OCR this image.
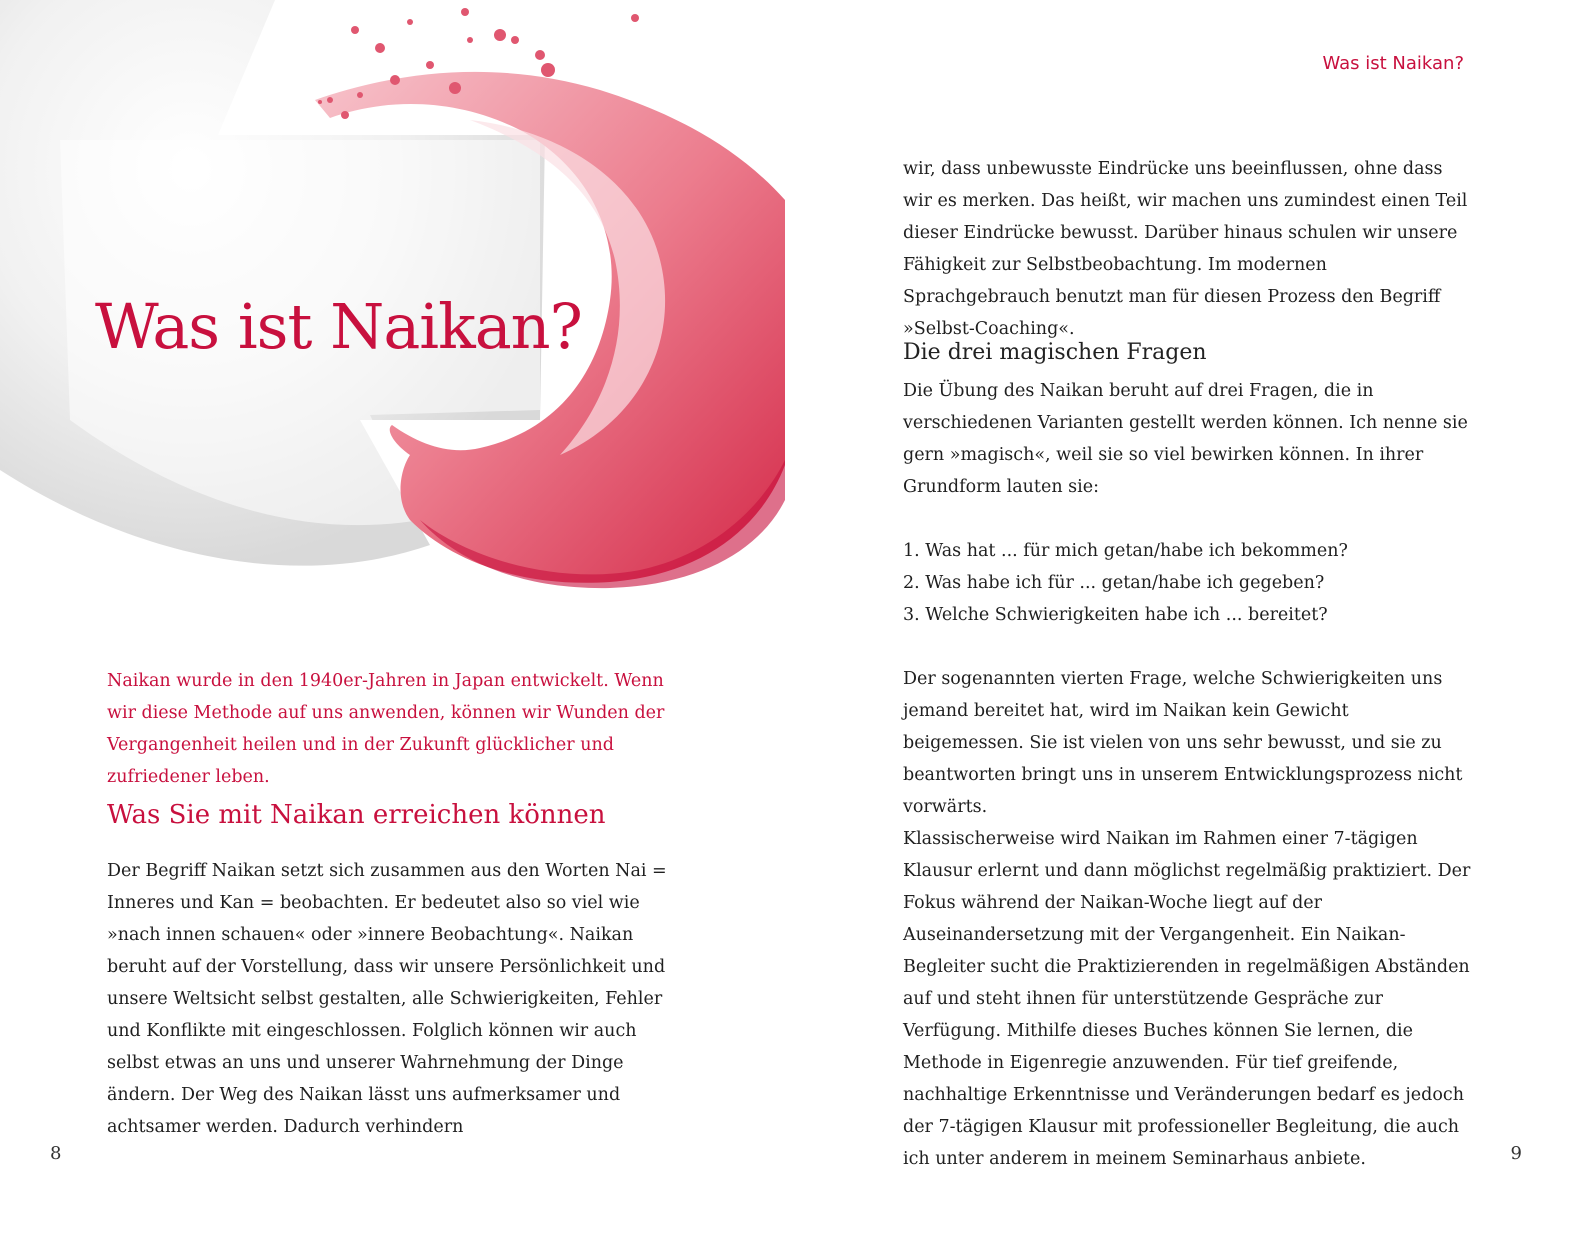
Was ist Naikan?
Was ist Naikan?

Naikan wurde in den 1940er-Jahren in Japan entwickelt. Wenn wir diese Methode auf uns anwenden, können wir Wunden der Vergangenheit heilen und in der Zukunft glücklicher und zufriedener leben.

Was Sie mit Naikan erreichen können

Der Begriff Naikan setzt sich zusammen aus den Worten Nai = Inneres und Kan = beobachten. Er bedeutet also so viel wie »nach innen schauen« oder »innere Beobachtung«. Naikan beruht auf der Vorstellung, dass wir unsere Persönlichkeit und unsere Weltsicht selbst gestalten, alle Schwierigkeiten, Fehler und Konflikte mit eingeschlossen. Folglich können wir auch selbst etwas an uns und unserer Wahrnehmung der Dinge ändern. Der Weg des Naikan lässt uns aufmerksamer und achtsamer werden. Dadurch verhindern

wir, dass unbewusste Eindrücke uns beeinflussen, ohne dass wir es merken. Das heißt, wir machen uns zumindest einen Teil dieser Eindrücke bewusst. Darüber hinaus schulen wir unsere Fähigkeit zur Selbstbeobachtung. Im modernen Sprachgebrauch benutzt man für diesen Prozess den Begriff »Selbst-Coaching«.

Die drei magischen Fragen

Die Übung des Naikan beruht auf drei Fragen, die in verschiedenen Varianten gestellt werden können. Ich nenne sie gern »magisch«, weil sie so viel bewirken können. In ihrer Grundform lauten sie:

1. Was hat ... für mich getan/habe ich bekommen?
2. Was habe ich für ... getan/habe ich gegeben?
3. Welche Schwierigkeiten habe ich ... bereitet?

Der sogenannten vierten Frage, welche Schwierigkeiten uns jemand bereitet hat, wird im Naikan kein Gewicht beigemessen. Sie ist vielen von uns sehr bewusst, und sie zu beantworten bringt uns in unserem Entwicklungsprozess nicht vorwärts.

Klassischerweise wird Naikan im Rahmen einer 7-tägigen Klausur erlernt und dann möglichst regelmäßig praktiziert. Der Fokus während der Naikan-Woche liegt auf der Auseinandersetzung mit der Vergangenheit. Ein Naikan-Begleiter sucht die Praktizierenden in regelmäßigen Abständen auf und steht ihnen für unterstützende Gespräche zur Verfügung. Mithilfe dieses Buches können Sie lernen, die Methode in Eigenregie anzuwenden. Für tief greifende, nachhaltige Erkenntnisse und Veränderungen bedarf es jedoch der 7-tägigen Klausur mit professioneller Begleitung, die auch ich unter anderem in meinem Seminarhaus anbiete.

8	9
